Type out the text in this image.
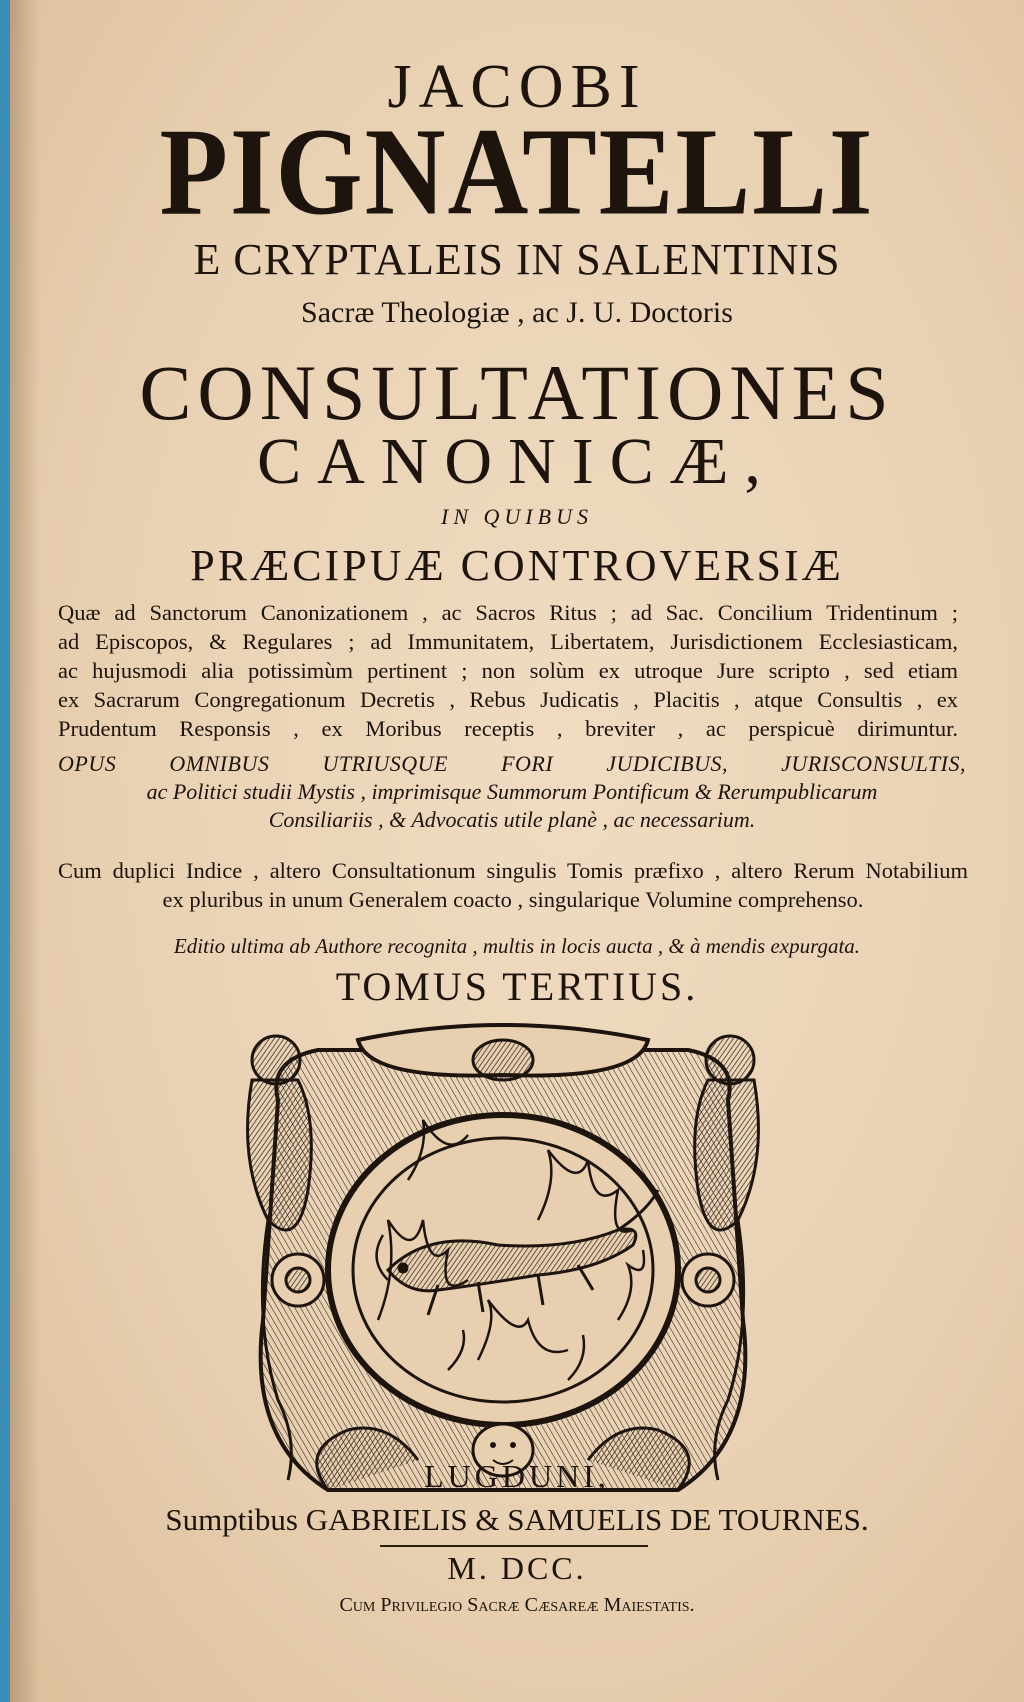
JACOBI

PIGNATELLI

E CRYPTALEIS IN SALENTINIS

Sacræ Theologiæ , ac J. U. Doctoris

CONSULTATIONES

CANONICÆ,

IN QUIBUS

PRÆCIPUÆ CONTROVERSIÆ

Quæ ad Sanctorum Canonizationem , ac Sacros Ritus ; ad Sac. Concilium Tridentinum ;

ad Episcopos, & Regulares ; ad Immunitatem, Libertatem, Jurisdictionem Ecclesiasticam,

ac hujusmodi alia potissimùm pertinent ; non solùm ex utroque Jure scripto , sed etiam

ex Sacrarum Congregationum Decretis , Rebus Judicatis , Placitis , atque Consultis , ex

Prudentum Responsis , ex Moribus receptis , breviter , ac perspicuè dirimuntur.

OPUS OMNIBUS UTRIUSQUE FORI JUDICIBUS, JURISCONSULTIS,
ac Politici studii Mystis , imprimisque Summorum Pontificum & Rerumpublicarum
Consiliariis , & Advocatis utile planè , ac necessarium.

Cum duplici Indice , altero Consultationum singulis Tomis præfixo , altero Rerum Notabilium
ex pluribus in unum Generalem coacto , singularique Volumine comprehenso.

Editio ultima ab Authore recognita , multis in locis aucta , & à mendis expurgata.

TOMUS TERTIUS.

LUGDUNI,

Sumptibus GABRIELIS & SAMUELIS DE TOURNES.

M. DCC.

Cum Privilegio Sacræ Cæsareæ Maiestatis.
